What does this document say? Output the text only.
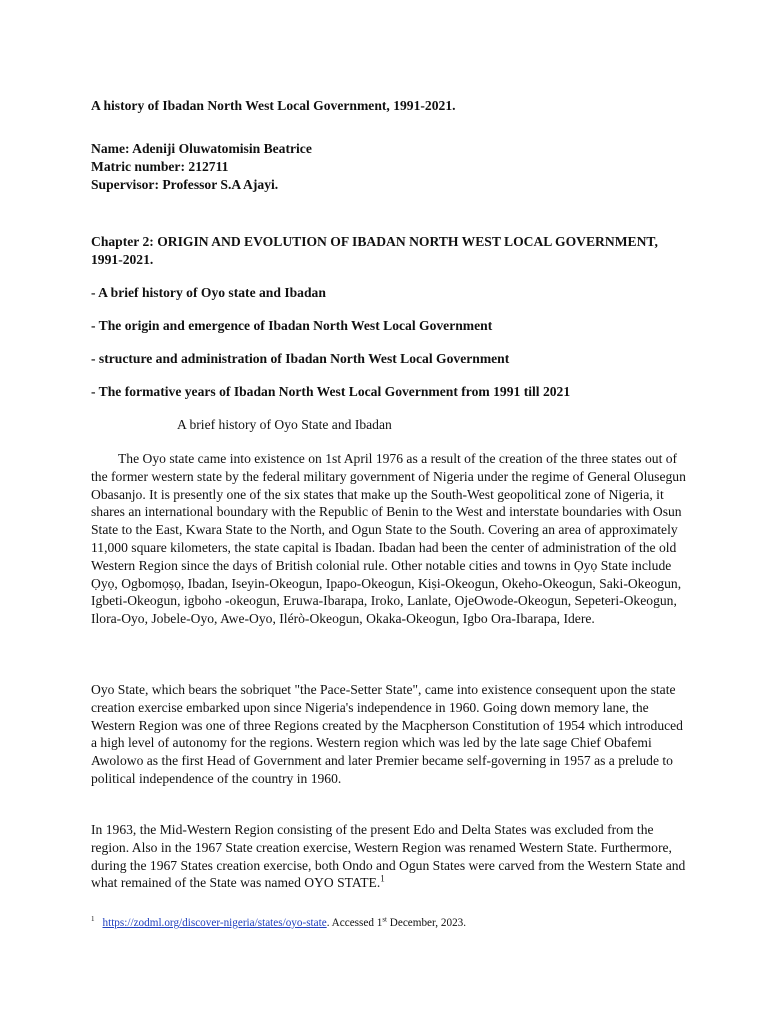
A history of Ibadan North West Local Government, 1991-2021.

Name: Adeniji Oluwatomisin Beatrice
Matric number: 212711
Supervisor: Professor S.A Ajayi.

Chapter 2: ORIGIN AND EVOLUTION OF IBADAN NORTH WEST LOCAL GOVERNMENT, 1991-2021.

- A brief history of Oyo state and Ibadan
- The origin and emergence of Ibadan North West Local Government
- structure and administration of Ibadan North West Local Government
- The formative years of Ibadan North West Local Government from 1991 till 2021

A brief history of Oyo State and Ibadan

The Oyo state came into existence on 1st April 1976 as a result of the creation of the three states out of the former western state by the federal military government of Nigeria under the regime of General Olusegun Obasanjo. It is presently one of the six states that make up the South-West geopolitical zone of Nigeria, it shares an international boundary with the Republic of Benin to the West and interstate boundaries with Osun State to the East, Kwara State to the North, and Ogun State to the South. Covering an area of approximately 11,000 square kilometers, the state capital is Ibadan. Ibadan had been the center of administration of the old Western Region since the days of British colonial rule. Other notable cities and towns in Ọyọ State include Ọyọ, Ogbomọṣọ, Ibadan, Iseyin-Okeogun, Ipapo-Okeogun, Kiṣi-Okeogun, Okeho-Okeogun, Saki-Okeogun, Igbeti-Okeogun, igboho -okeogun, Eruwa-Ibarapa, Iroko, Lanlate, OjeOwode-Okeogun, Sepeteri-Okeogun, Ilora-Oyo, Jobele-Oyo, Awe-Oyo, Ilérò-Okeogun, Okaka-Okeogun, Igbo Ora-Ibarapa, Idere.

Oyo State, which bears the sobriquet "the Pace-Setter State", came into existence consequent upon the state creation exercise embarked upon since Nigeria's independence in 1960. Going down memory lane, the Western Region was one of three Regions created by the Macpherson Constitution of 1954 which introduced a high level of autonomy for the regions. Western region which was led by the late sage Chief Obafemi Awolowo as the first Head of Government and later Premier became self-governing in 1957 as a prelude to political independence of the country in 1960.

In 1963, the Mid-Western Region consisting of the present Edo and Delta States was excluded from the region. Also in the 1967 State creation exercise, Western Region was renamed Western State. Furthermore, during the 1967 States creation exercise, both Ondo and Ogun States were carved from the Western State and what remained of the State was named OYO STATE.$^1$

$^1$ https://zodml.org/discover-nigeria/states/oyo-state. Accessed 1st December, 2023.
